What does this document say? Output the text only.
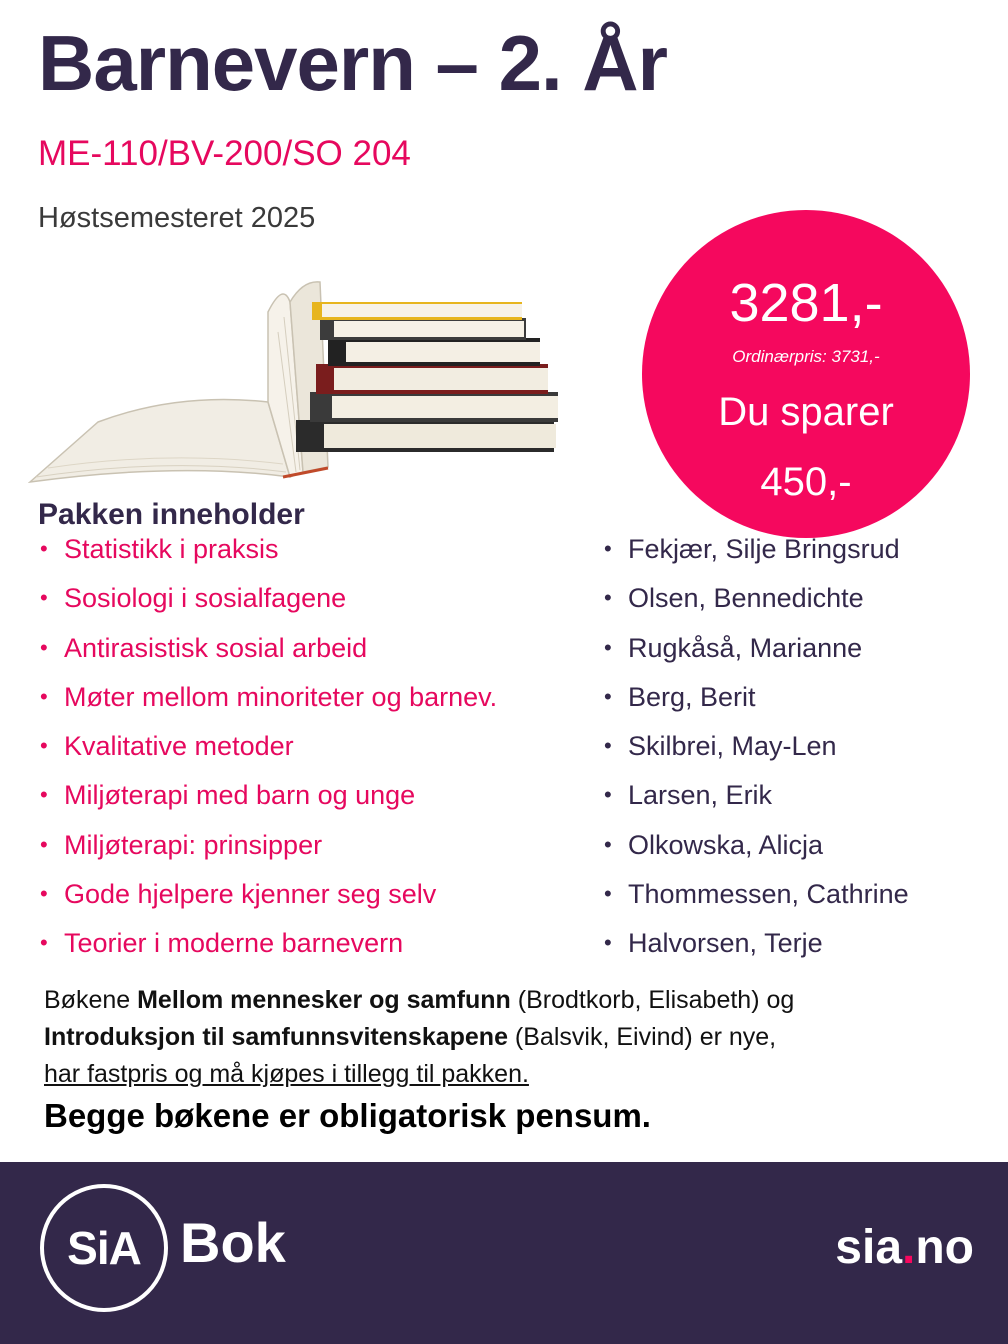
Barnevern – 2. År
ME-110/BV-200/SO 204
Høstsemesteret 2025
3281,-
Ordinærpris: 3731,-
Du sparer
450,-
Pakken inneholder
• Statistikk i praksis
• Sosiologi i sosialfagene
• Antirasistisk sosial arbeid
• Møter mellom minoriteter og barnev.
• Kvalitative metoder
• Miljøterapi med barn og unge
• Miljøterapi: prinsipper
• Gode hjelpere kjenner seg selv
• Teorier i moderne barnevern
• Fekjær, Silje Bringsrud
• Olsen, Bennedichte
• Rugkåså, Marianne
• Berg, Berit
• Skilbrei, May-Len
• Larsen, Erik
• Olkowska, Alicja
• Thommessen, Cathrine
• Halvorsen, Terje
Bøkene Mellom mennesker og samfunn (Brodtkorb, Elisabeth) og
Introduksjon til samfunnsvitenskapene (Balsvik, Eivind) er nye,
har fastpris og må kjøpes i tillegg til pakken.
Begge bøkene er obligatorisk pensum.
SiA Bok	sia.no
